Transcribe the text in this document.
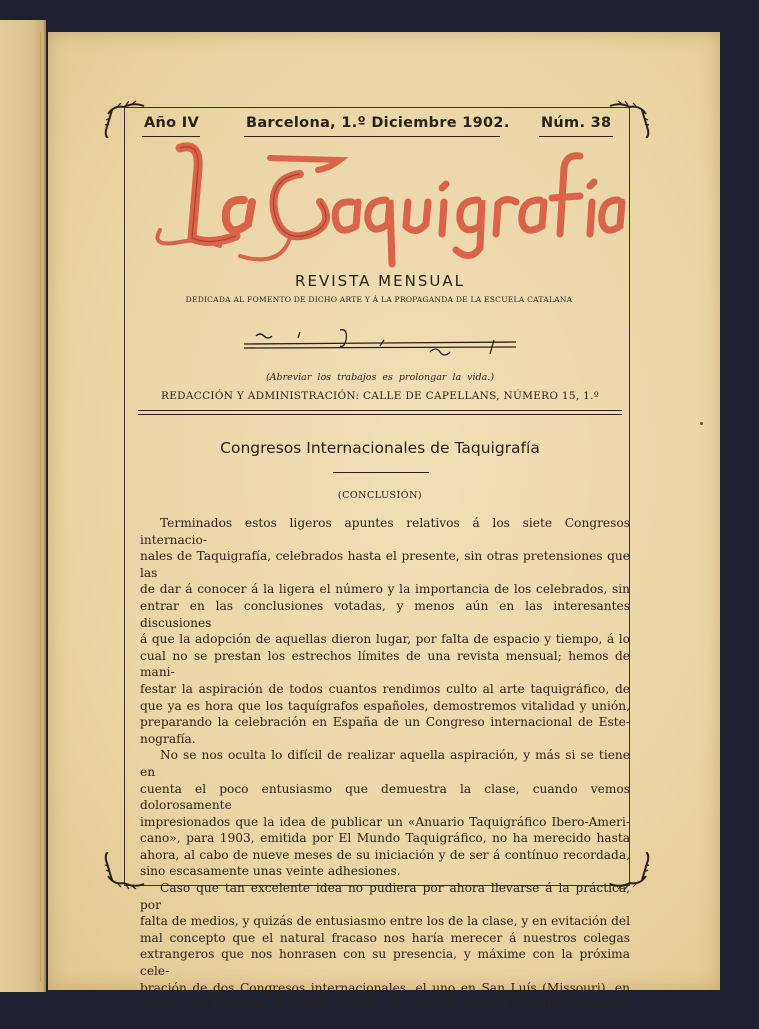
Año IV	Barcelona, 1.º Diciembre 1902. Núm. 38
REVISTA MENSUAL
DEDICADA AL FOMENTO DE DICHO ARTE Y Á LA PROPAGANDA DE LA ESCUELA CATALANA
(Abreviar los trabajos es prolongar la vida.)
REDACCIÓN Y ADMINISTRACIÓN: CALLE DE CAPELLANS, NÚMERO 15, 1.º
Congresos Internacionales de Taquigrafía
(CONCLUSIÓN)

Terminados estos ligeros apuntes relativos á los siete Congresos internacio-

nales de Taquigrafía, celebrados hasta el presente, sin otras pretensiones que las

de dar á conocer á la ligera el número y la importancia de los celebrados, sin

entrar en las conclusiones votadas, y menos aún en las interesantes discusiones

á que la adopción de aquellas dieron lugar, por falta de espacio y tiempo, á lo

cual no se prestan los estrechos límites de una revista mensual; hemos de mani-

festar la aspiración de todos cuantos rendimos culto al arte taquigráfico, de

que ya es hora que los taquígrafos españoles, demostremos vitalidad y unión,

preparando la celebración en España de un Congreso internacional de Este-

nografía.

No se nos oculta lo difícil de realizar aquella aspiración, y más si se tiene en

cuenta el poco entusiasmo que demuestra la clase, cuando vemos dolorosamente

impresionados que la idea de publicar un «Anuario Taquigráfico Ibero-Ameri-

cano», para 1903, emitida por El Mundo Taquigráfico, no ha merecido hasta

ahora, al cabo de nueve meses de su iniciación y de ser á contínuo recordada,

sino escasamente unas veinte adhesiones.

Caso que tan excelente idea no pudiera por ahora llevarse á la práctica, por

falta de medios, y quizás de entusiasmo entre los de la clase, y en evitación del

mal concepto que el natural fracaso nos haría merecer á nuestros colegas

extrangeros que nos honrasen con su presencia, y máxime con la próxima cele-

bración de dos Congresos internacionales, el uno en San Luís (Missouri), en

1904, y en Bruselas, en 1905, el otro; pudiéramos reducir nuestra aspiración de
